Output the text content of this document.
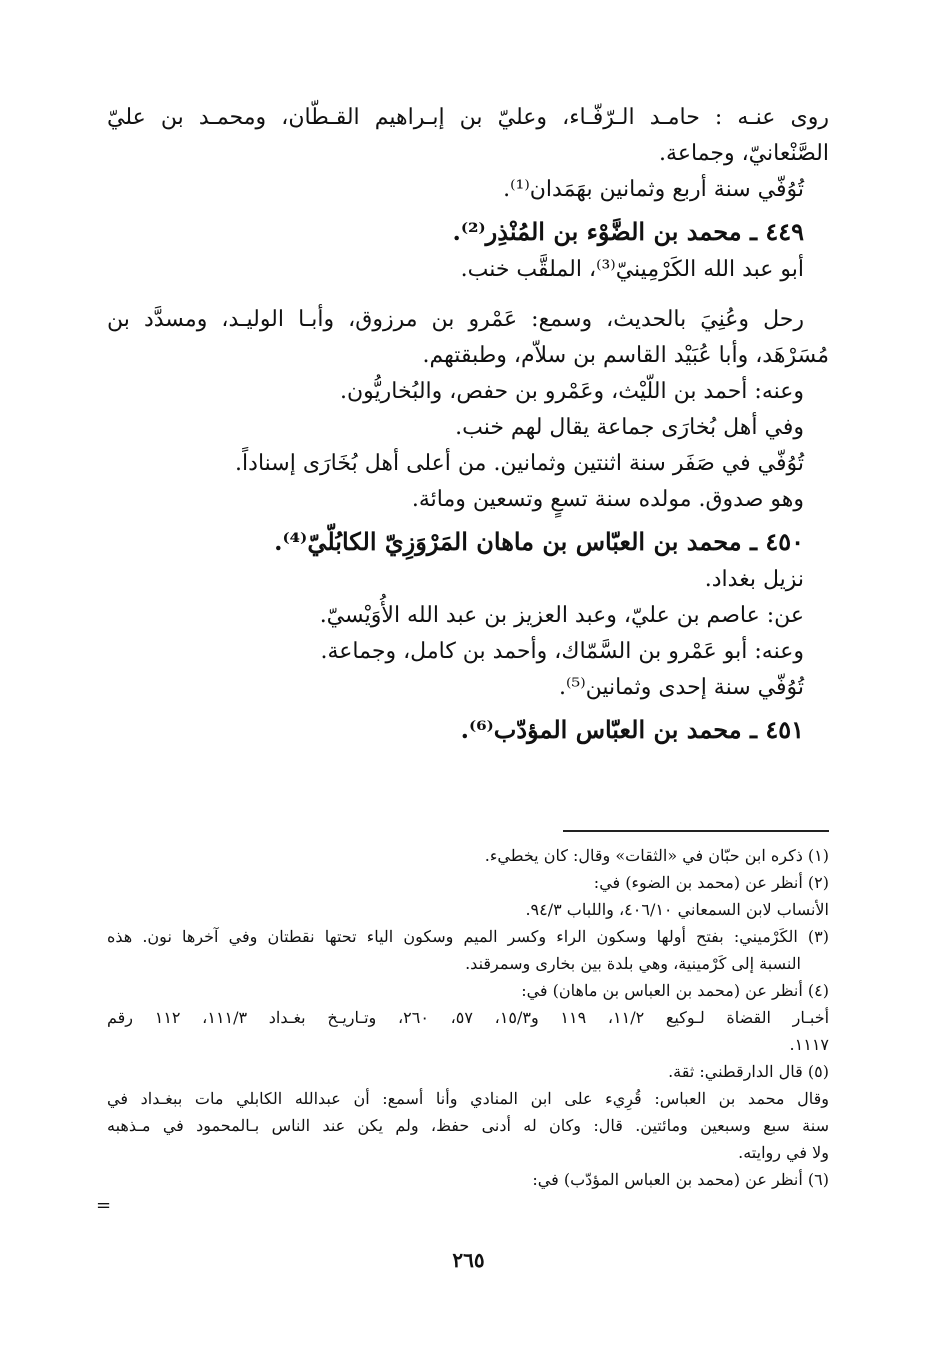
روى عنـه : حامـد الـرّفّـاء، وعليّ بن إبـراهيم القـطّان، ومحمـد بن عليّ
الصَّنْعانيّ، وجماعة.
تُوُفّي سنة أربع وثمانين بهَمَدان⁽¹⁾.
٤٤٩ ـ محمد بن الضَّوْء بن المُنْذِر⁽²⁾.
أبو عبد الله الكَرْمِينيّ⁽³⁾، الملقَّب خنب.
رحل وعُنِيَ بالحديث، وسمع: عَمْرو بن مرزوق، وأبـا الوليـد، ومسدَّد بن
مُسَرْهَد، وأبا عُبَيْد القاسم بن سلاّم، وطبقتهم.
وعنه: أحمد بن اللّيْث، وعَمْرو بن حفص، والبُخاريُّون.
وفي أهل بُخارَى جماعة يقال لهم خنب.
تُوُفّي في صَفَر سنة اثنتين وثمانين. من أعلى أهل بُخَارَى إسناداً.
وهو صدوق. مولده سنة تسعٍ وتسعين ومائة.
٤٥٠ ـ محمد بن العبّاس بن ماهان المَرْوَزِيّ الكابُلّيّ⁽⁴⁾.
نزيل بغداد.
عن: عاصم بن عليّ، وعبد العزيز بن عبد الله الأُوَيْسيّ.
وعنه: أبو عَمْرو بن السَّمّاك، وأحمد بن كامل، وجماعة.
تُوُفّي سنة إحدى وثمانين⁽⁵⁾.
٤٥١ ـ محمد بن العبّاس المؤدّب⁽⁶⁾.
(١) ذكره ابن حبّان في «الثقات» وقال: كان يخطيء.
(٢) أنظر عن (محمد بن الضوء) في:
الأنساب لابن السمعاني ٤٠٦/١٠، واللباب ٩٤/٣.
(٣) الكَرْميني: بفتح أولها وسكون الراء وكسر الميم وسكون الياء تحتها نقطتان وفي آخرها نون. هذه
النسبة إلى كَرْمينية، وهي بلدة بين بخارى وسمرقند.
(٤) أنظر عن (محمد بن العباس بن ماهان) في:
أخبـار القضاة لـوكيع ١١/٢، ١١٩ و١٥/٣، ٥٧، ٢٦٠، وتـاريـخ بغـداد ١١١/٣، ١١٢ رقم
١١١٧.
(٥) قال الدارقطني: ثقة.
وقال محمد بن العباس: قُرِيء على ابن المنادي وأنا أسمع: أن عبدالله الكابلي مات ببغـداد في
سنة سبع وسبعين ومائتين. قال: وكان له أدنى حفظ، ولم يكن عند الناس بـالمحمود في مـذهبه
ولا في روايته.
(٦) أنظر عن (محمد بن العباس المؤدّب) في:
=
٢٦٥
